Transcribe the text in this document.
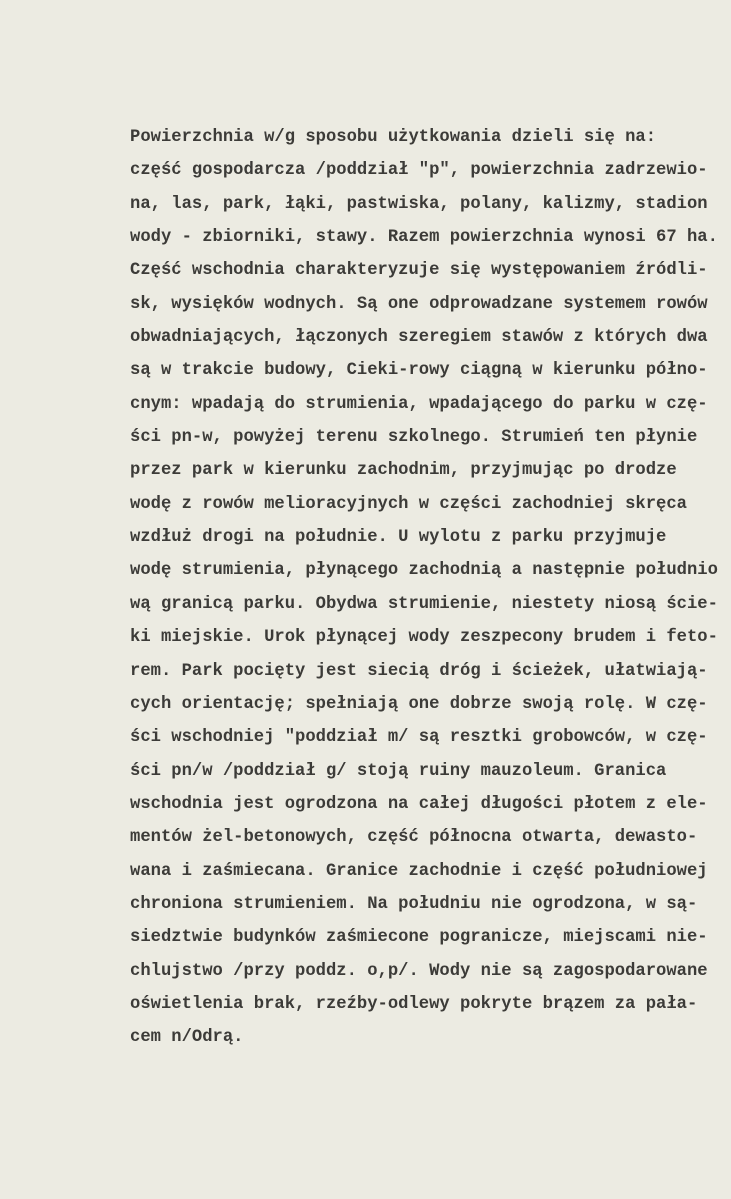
Powierzchnia w/g sposobu użytkowania dzieli się na:
część gospodarcza /poddział "p", powierzchnia zadrzewio-
na, las, park, łąki, pastwiska, polany, kalizmy, stadion
wody - zbiorniki, stawy. Razem powierzchnia wynosi 67 ha.
Część wschodnia charakteryzuje się występowaniem źródli-
sk, wysięków wodnych. Są one odprowadzane systemem rowów
obwadniających, łączonych szeregiem stawów z których dwa
są w trakcie budowy, Cieki-rowy ciągną w kierunku półno-
cnym: wpadają do strumienia, wpadającego do parku w czę-
ści pn-w, powyżej terenu szkolnego. Strumień ten płynie
przez park w kierunku zachodnim, przyjmując po drodze
wodę z rowów melioracyjnych w części zachodniej skręca
wzdłuż drogi na południe. U wylotu z parku przyjmuje
wodę strumienia, płynącego zachodnią a następnie południo
wą granicą parku. Obydwa strumienie, niestety niosą ście-
ki miejskie. Urok płynącej wody zeszpecony brudem i feto-
rem. Park pocięty jest siecią dróg i ścieżek, ułatwiają-
cych orientację; spełniają one dobrze swoją rolę. W czę-
ści wschodniej "poddział m/ są resztki grobowców, w czę-
ści pn/w /poddział g/ stoją ruiny mauzoleum. Granica
wschodnia jest ogrodzona na całej długości płotem z ele-
mentów żel-betonowych, część północna otwarta, dewasto-
wana i zaśmiecana. Granice zachodnie i część południowej
chroniona strumieniem. Na południu nie ogrodzona, w są-
siedztwie budynków zaśmiecone pogranicze, miejscami nie-
chlujstwo /przy poddz. o,p/. Wody nie są zagospodarowane
oświetlenia brak, rzeźby-odlewy pokryte brązem za pała-
cem n/Odrą.
